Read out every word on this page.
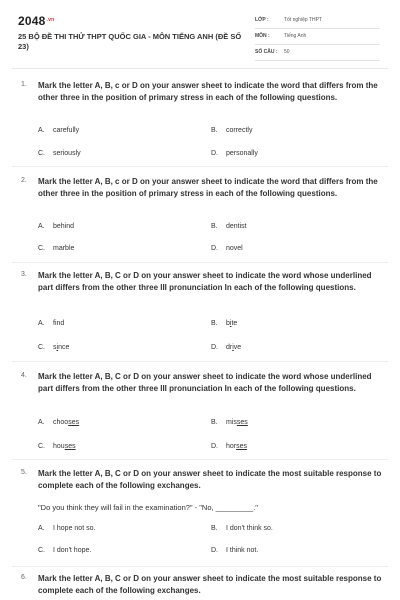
$2048^{.vn}$
25 BỘ ĐỀ THI THỬ THPT QUỐC GIA - MÔN TIẾNG ANH (ĐỀ SỐ 23)
LỚP :	Tốt nghiệp THPT
MÔN :	Tiếng Anh
SỐ CÂU : 50
1. Mark the letter A, B, c or D on your answer sheet to indicate the word that differs from the other three in the position of primary stress in each of the following questions.
A. carefully	B. correctly
C. seriously	D. personally
2. Mark the letter A, B, c or D on your answer sheet to indicate the word that differs from the other three in the position of primary stress in each of the following questions.
A. behind	B. dentist
C. marble	D. novel
3. Mark the letter A, B, C or D on your answer sheet to indicate the word whose underlined part differs from the other three III pronunciation In each of the following questions.
A. find	B. bite
C. since	D. drive
4. Mark the letter A, B, C or D on your answer sheet to indicate the word whose underlined part differs from the other three III pronunciation In each of the following questions.
A. chooses	B. misses
C. houses	D. horses
5. Mark the letter A, B, C or D on your answer sheet to indicate the most suitable response to complete each of the following exchanges.
"Do you think they will fail in the examination?" - "No, _________."
A. I hope not so.	B. I don't think so.
C. I don't hope.	D. I think not.
6. Mark the letter A, B, C or D on your answer sheet to indicate the most suitable response to complete each of the following exchanges.
